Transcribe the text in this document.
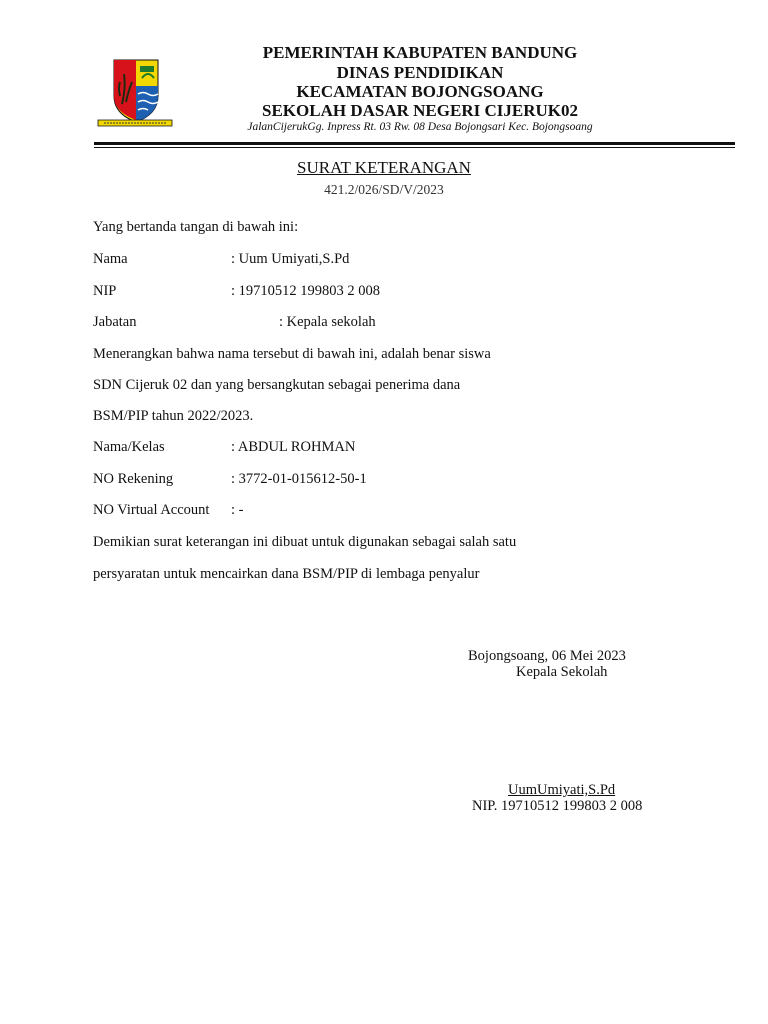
PEMERINTAH KABUPATEN BANDUNG
DINAS PENDIDIKAN
KECAMATAN BOJONGSOANG
SEKOLAH DASAR NEGERI CIJERUK02
JalanCijerukGg. Inpress Rt. 03 Rw. 08 Desa Bojongsari Kec. Bojongsoang
SURAT KETERANGAN
421.2/026/SD/V/2023
Yang bertanda tangan di bawah ini:
Nama	: Uum Umiyati,S.Pd
NIP	: 19710512 199803 2 008
Jabatan	: Kepala sekolah
Menerangkan bahwa nama tersebut di bawah ini, adalah benar siswa
SDN Cijeruk 02 dan yang bersangkutan sebagai penerima dana
BSM/PIP tahun 2022/2023.
Nama/Kelas	: ABDUL ROHMAN
NO Rekening	: 3772-01-015612-50-1
NO Virtual Account : -
Demikian surat keterangan ini dibuat untuk digunakan sebagai salah satu
persyaratan untuk mencairkan dana BSM/PIP di lembaga penyalur
Bojongsoang, 06 Mei 2023
Kepala Sekolah
UumUmiyati,S.Pd
NIP. 19710512 199803 2 008
